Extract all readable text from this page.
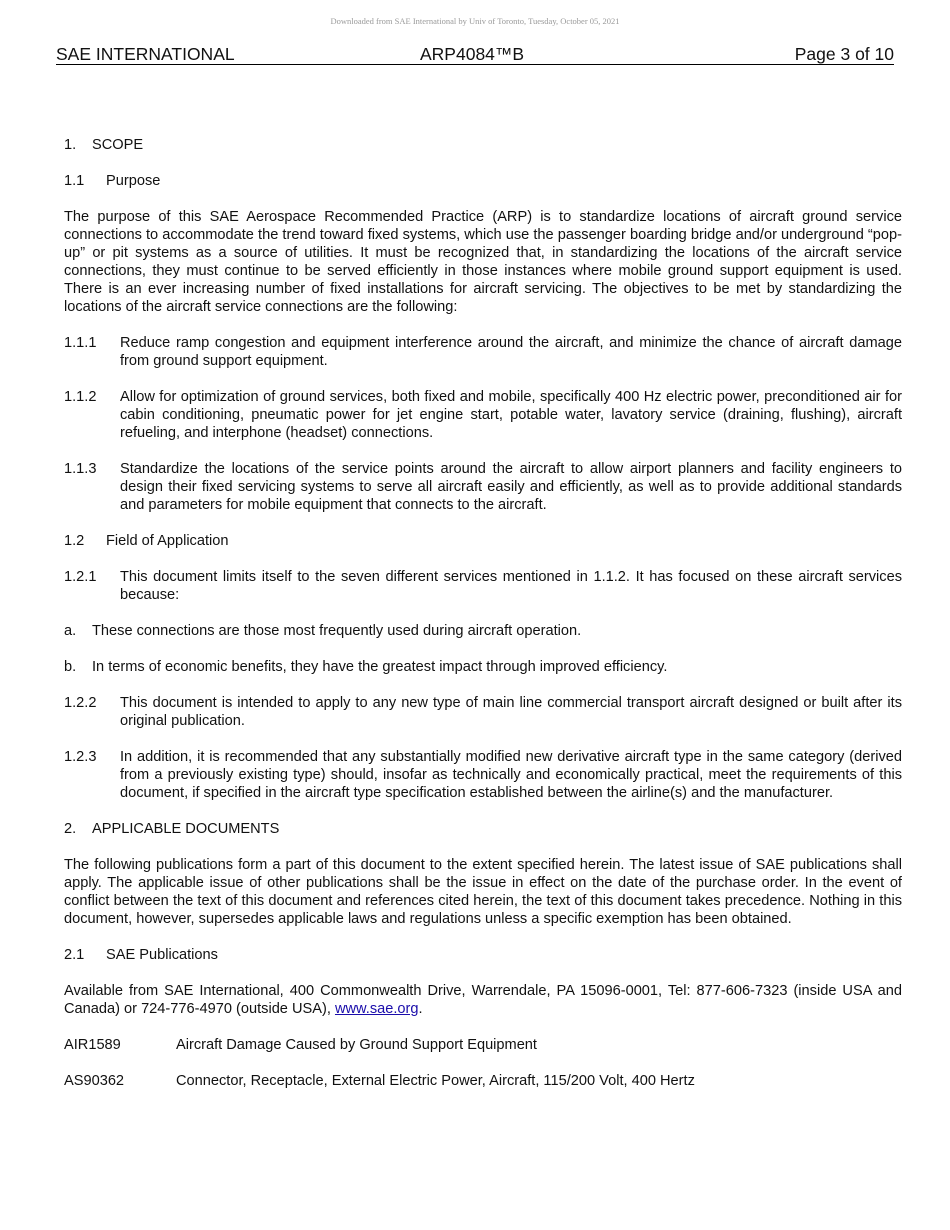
Downloaded from SAE International by Univ of Toronto, Tuesday, October 05, 2021
SAE INTERNATIONAL	ARP4084™B	Page 3 of 10
1. SCOPE
1.1 Purpose

The purpose of this SAE Aerospace Recommended Practice (ARP) is to standardize locations of aircraft ground service connections to accommodate the trend toward fixed systems, which use the passenger boarding bridge and/or underground “pop-up” or pit systems as a source of utilities. It must be recognized that, in standardizing the locations of the aircraft service connections, they must continue to be served efficiently in those instances where mobile ground support equipment is used. There is an ever increasing number of fixed installations for aircraft servicing. The objectives to be met by standardizing the locations of the aircraft service connections are the following:

1.1.1 Reduce ramp congestion and equipment interference around the aircraft, and minimize the chance of aircraft damage from ground support equipment.
1.1.2 Allow for optimization of ground services, both fixed and mobile, specifically 400 Hz electric power, preconditioned air for cabin conditioning, pneumatic power for jet engine start, potable water, lavatory service (draining, flushing), aircraft refueling, and interphone (headset) connections.
1.1.3 Standardize the locations of the service points around the aircraft to allow airport planners and facility engineers to design their fixed servicing systems to serve all aircraft easily and efficiently, as well as to provide additional standards and parameters for mobile equipment that connects to the aircraft.
1.2 Field of Application
1.2.1 This document limits itself to the seven different services mentioned in 1.1.2. It has focused on these aircraft services because:
a. These connections are those most frequently used during aircraft operation.
b. In terms of economic benefits, they have the greatest impact through improved efficiency.
1.2.2 This document is intended to apply to any new type of main line commercial transport aircraft designed or built after its original publication.
1.2.3 In addition, it is recommended that any substantially modified new derivative aircraft type in the same category (derived from a previously existing type) should, insofar as technically and economically practical, meet the requirements of this document, if specified in the aircraft type specification established between the airline(s) and the manufacturer.
2. APPLICABLE DOCUMENTS

The following publications form a part of this document to the extent specified herein. The latest issue of SAE publications shall apply. The applicable issue of other publications shall be the issue in effect on the date of the purchase order. In the event of conflict between the text of this document and references cited herein, the text of this document takes precedence. Nothing in this document, however, supersedes applicable laws and regulations unless a specific exemption has been obtained.

2.1 SAE Publications

Available from SAE International, 400 Commonwealth Drive, Warrendale, PA 15096-0001, Tel: 877-606-7323 (inside USA and Canada) or 724-776-4970 (outside USA), www.sae.org.

AIR1589	Aircraft Damage Caused by Ground Support Equipment
AS90362	Connector, Receptacle, External Electric Power, Aircraft, 115/200 Volt, 400 Hertz
